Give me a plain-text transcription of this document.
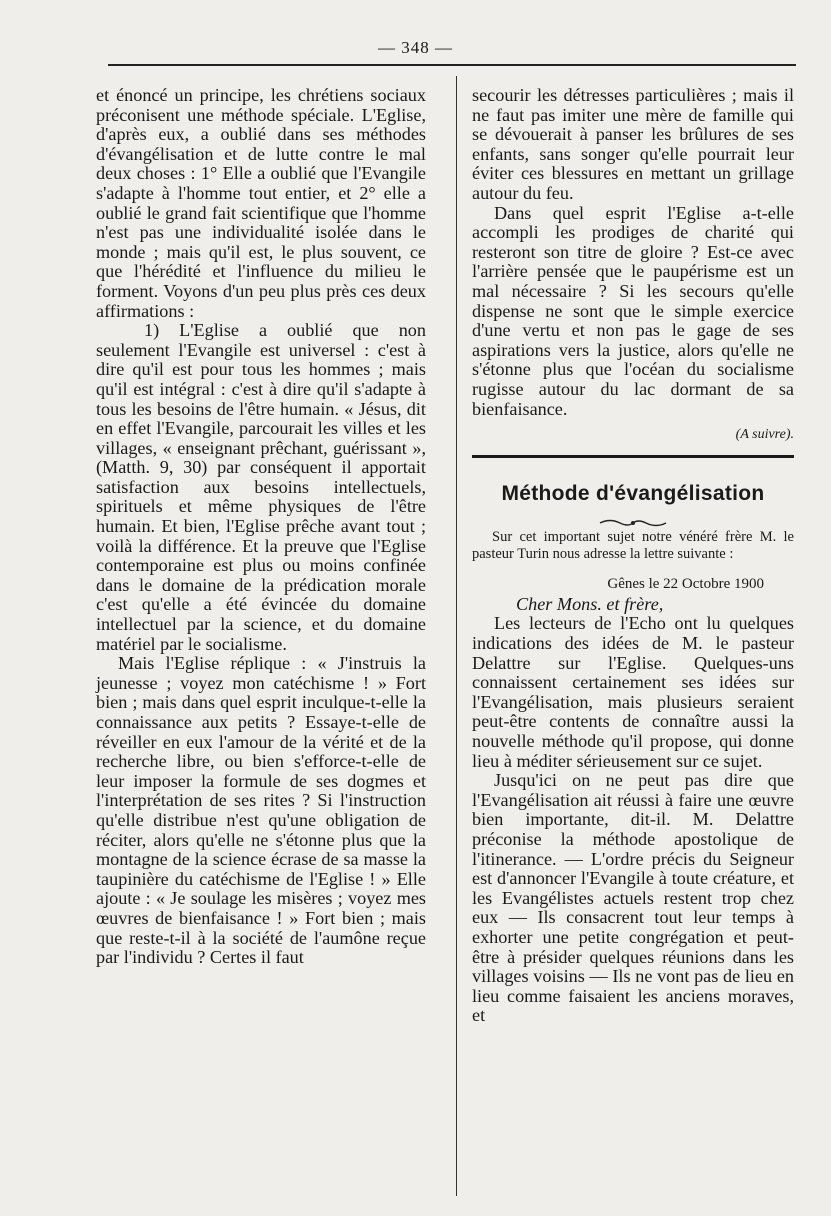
— 348 —

et énoncé un principe, les chrétiens sociaux préconisent une méthode spéciale. L'Eglise, d'après eux, a oublié dans ses méthodes d'évangélisation et de lutte contre le mal deux choses : 1° Elle a oublié que l'Evangile s'adapte à l'homme tout entier, et 2° elle a oublié le grand fait scientifique que l'homme n'est pas une individualité isolée dans le monde ; mais qu'il est, le plus souvent, ce que l'hérédité et l'influence du milieu le forment. Voyons d'un peu plus près ces deux affirmations :

1) L'Eglise a oublié que non seulement l'Evangile est universel : c'est à dire qu'il est pour tous les hommes ; mais qu'il est intégral : c'est à dire qu'il s'adapte à tous les besoins de l'être humain. « Jésus, dit en effet l'Evangile, parcourait les villes et les villages, « enseignant prêchant, guérissant », (Matth. 9, 30) par conséquent il apportait satisfaction aux besoins intellectuels, spirituels et même physiques de l'être humain. Et bien, l'Eglise prêche avant tout ; voilà la différence. Et la preuve que l'Eglise contemporaine est plus ou moins confinée dans le domaine de la prédication morale c'est qu'elle a été évincée du domaine intellectuel par la science, et du domaine matériel par le socialisme.

Mais l'Eglise réplique : « J'instruis la jeunesse ; voyez mon catéchisme ! » Fort bien ; mais dans quel esprit inculque-t-elle la connaissance aux petits ? Essaye-t-elle de réveiller en eux l'amour de la vérité et de la recherche libre, ou bien s'efforce-t-elle de leur imposer la formule de ses dogmes et l'interprétation de ses rites ? Si l'instruction qu'elle distribue n'est qu'une obligation de réciter, alors qu'elle ne s'étonne plus que la montagne de la science écrase de sa masse la taupinière du catéchisme de l'Eglise ! » Elle ajoute : « Je soulage les misères ; voyez mes œuvres de bienfaisance ! » Fort bien ; mais que reste-t-il à la société de l'aumône reçue par l'individu ? Certes il faut

secourir les détresses particulières ; mais il ne faut pas imiter une mère de famille qui se dévouerait à panser les brûlures de ses enfants, sans songer qu'elle pourrait leur éviter ces blessures en mettant un grillage autour du feu.

Dans quel esprit l'Eglise a-t-elle accompli les prodiges de charité qui resteront son titre de gloire ? Est-ce avec l'arrière pensée que le paupérisme est un mal nécessaire ? Si les secours qu'elle dispense ne sont que le simple exercice d'une vertu et non pas le gage de ses aspirations vers la justice, alors qu'elle ne s'étonne plus que l'océan du socialisme rugisse autour du lac dormant de sa bienfaisance.

(A suivre).
Méthode d'évangélisation

Sur cet important sujet notre vénéré frère M. le pasteur Turin nous adresse la lettre suivante :

Gênes le 22 Octobre 1900

Cher Mons. et frère,

Les lecteurs de l'Echo ont lu quelques indications des idées de M. le pasteur Delattre sur l'Eglise. Quelques-uns connaissent certainement ses idées sur l'Evangélisation, mais plusieurs seraient peut-être contents de connaître aussi la nouvelle méthode qu'il propose, qui donne lieu à méditer sérieusement sur ce sujet.

Jusqu'ici on ne peut pas dire que l'Evangélisation ait réussi à faire une œuvre bien importante, dit-il. M. Delattre préconise la méthode apostolique de l'itinerance. — L'ordre précis du Seigneur est d'annoncer l'Evangile à toute créature, et les Evangélistes actuels restent trop chez eux — Ils consacrent tout leur temps à exhorter une petite congrégation et peut-être à présider quelques réunions dans les villages voisins — Ils ne vont pas de lieu en lieu comme faisaient les anciens moraves, et
